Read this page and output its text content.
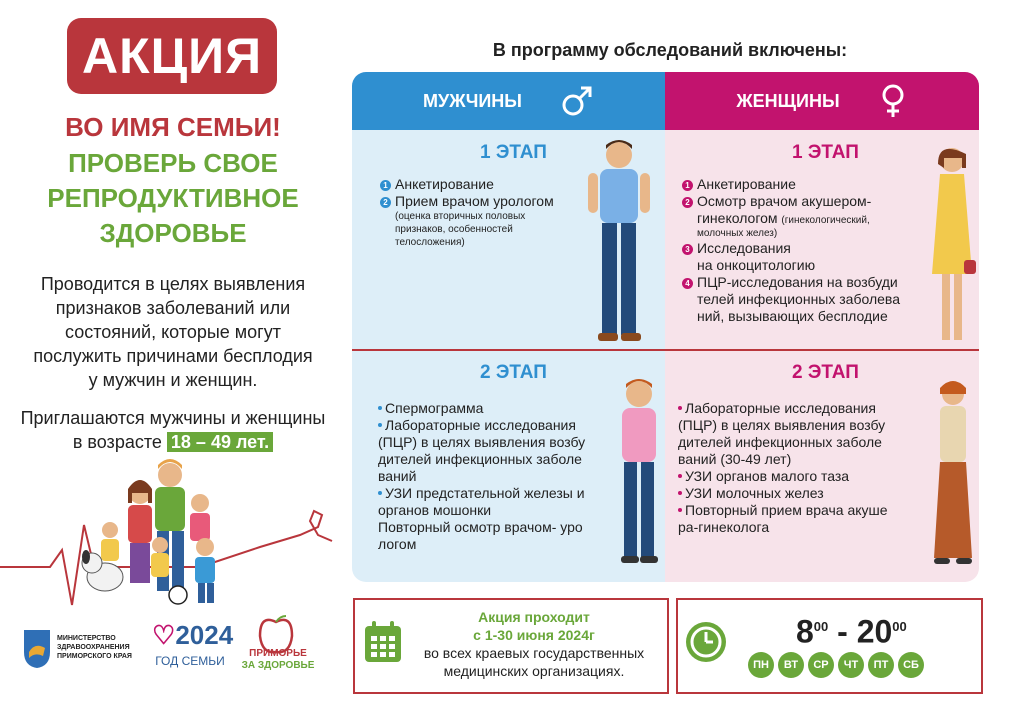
АКЦИЯ
ВО ИМЯ СЕМЬИ!
ПРОВЕРЬ СВОЕ
РЕПРОДУКТИВНОЕ
ЗДОРОВЬЕ
Проводится в целях выявления
признаков заболеваний или
состояний, которые могут
послужить причинами бесплодия
у мужчин и женщин.
Приглашаются мужчины и женщины
в возрасте 18 – 49 лет.
В программу обследований включены:
МУЖЧИНЫ	ЖЕНЩИНЫ
1 ЭТАП
1 Анкетирование
2 Прием врачом урологом
(оценка вторичных половых
признаков, особенностей
телосложения)
2 ЭТАП
Спермограмма
Лабораторные исследования
(ПЦР) в целях выявления возбу
дителей инфекционных заболе
ваний
УЗИ предстательной железы и
органов мошонки
Повторный осмотр врачом- уро
логом
1 ЭТАП
1 Анкетирование
2 Осмотр врачом акушером-
гинекологом (гинекологический,
молочных желез)
3 Исследования
на онкоцитологию
4 ПЦР-исследования на возбуди
телей инфекционных заболева
ний, вызывающих бесплодие
2 ЭТАП
Лабораторные исследования
(ПЦР) в целях выявления возбу
дителей инфекционных заболе
ваний (30-49 лет)
УЗИ органов малого таза
УЗИ молочных желез
Повторный прием врача акуше
ра-гинеколога
Акция проходит
с 1-30 июня 2024г
во всех краевых государственных
медицинских организациях.
$8^{00} - 20^{00}$
ПН ВТ СР ЧТ ПТ СБ
МИНИСТЕРСТВО
ЗДРАВООХРАНЕНИЯ
ПРИМОРСКОГО КРАЯ
♡2024
ГОД СЕМЬИ
ПРИМОРЬЕ
ЗА ЗДОРОВЬЕ
